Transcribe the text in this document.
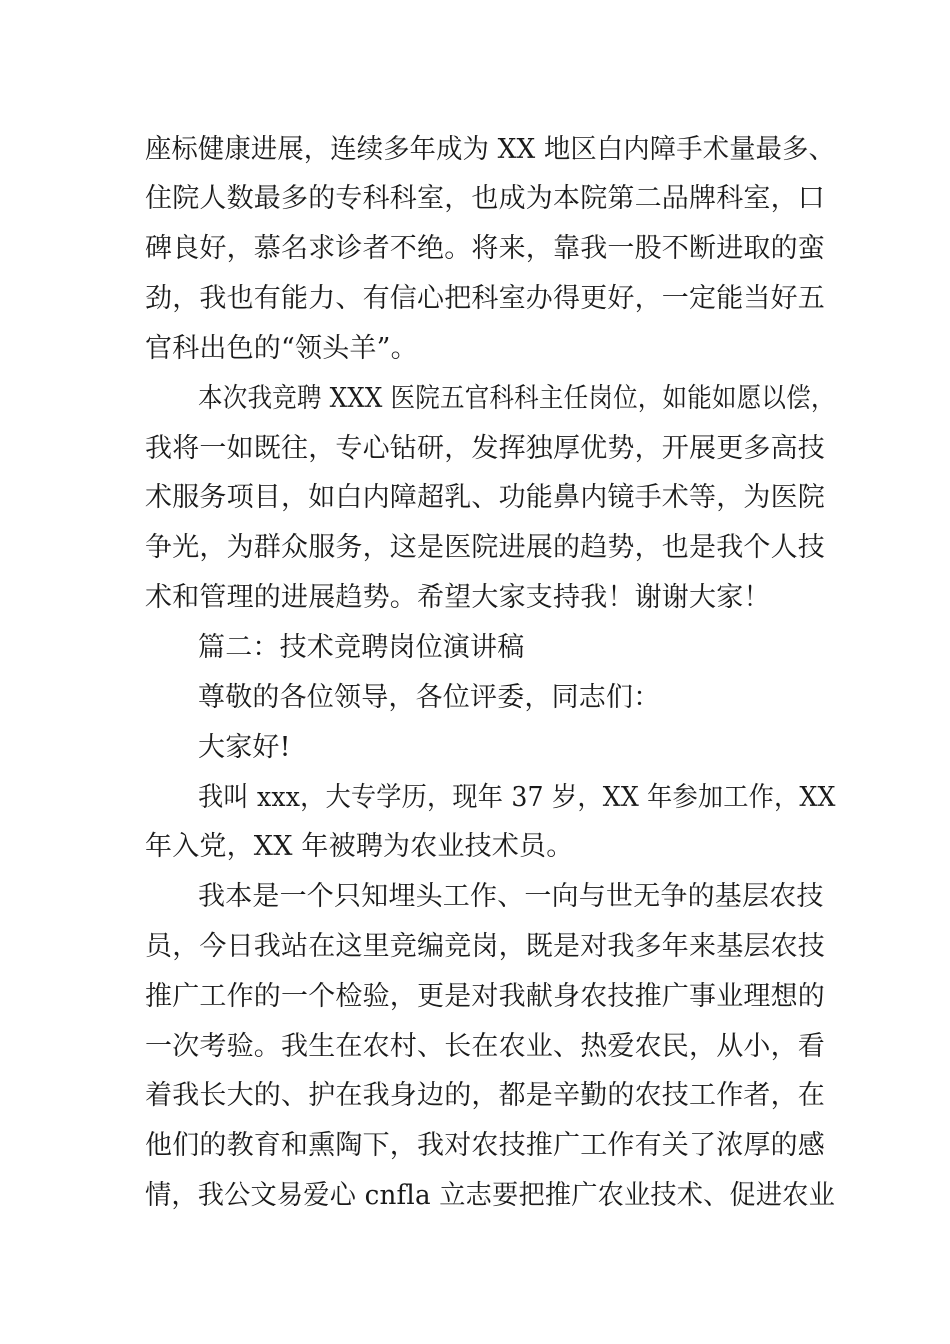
座标健康进展，连续多年成为 XX 地区白内障手术量最多、
住院人数最多的专科科室，也成为本院第二品牌科室，口
碑良好，慕名求诊者不绝。将来，靠我一股不断进取的蛮
劲，我也有能力、有信心把科室办得更好，一定能当好五
官科出色的“领头羊”。
本次我竞聘 XXX 医院五官科科主任岗位，如能如愿以偿，
我将一如既往，专心钻研，发挥独厚优势，开展更多高技
术服务项目，如白内障超乳、功能鼻内镜手术等，为医院
争光，为群众服务，这是医院进展的趋势，也是我个人技
术和管理的进展趋势。希望大家支持我！谢谢大家！
篇二：技术竞聘岗位演讲稿
尊敬的各位领导，各位评委，同志们：
大家好!
我叫 xxx，大专学历，现年 37 岁，XX 年参加工作，XX
年入党，XX 年被聘为农业技术员。
我本是一个只知埋头工作、一向与世无争的基层农技
员，今日我站在这里竞编竞岗，既是对我多年来基层农技
推广工作的一个检验，更是对我献身农技推广事业理想的
一次考验。我生在农村、长在农业、热爱农民，从小，看
着我长大的、护在我身边的，都是辛勤的农技工作者，在
他们的教育和熏陶下，我对农技推广工作有关了浓厚的感
情，我公文易爱心 cnfla 立志要把推广农业技术、促进农业
